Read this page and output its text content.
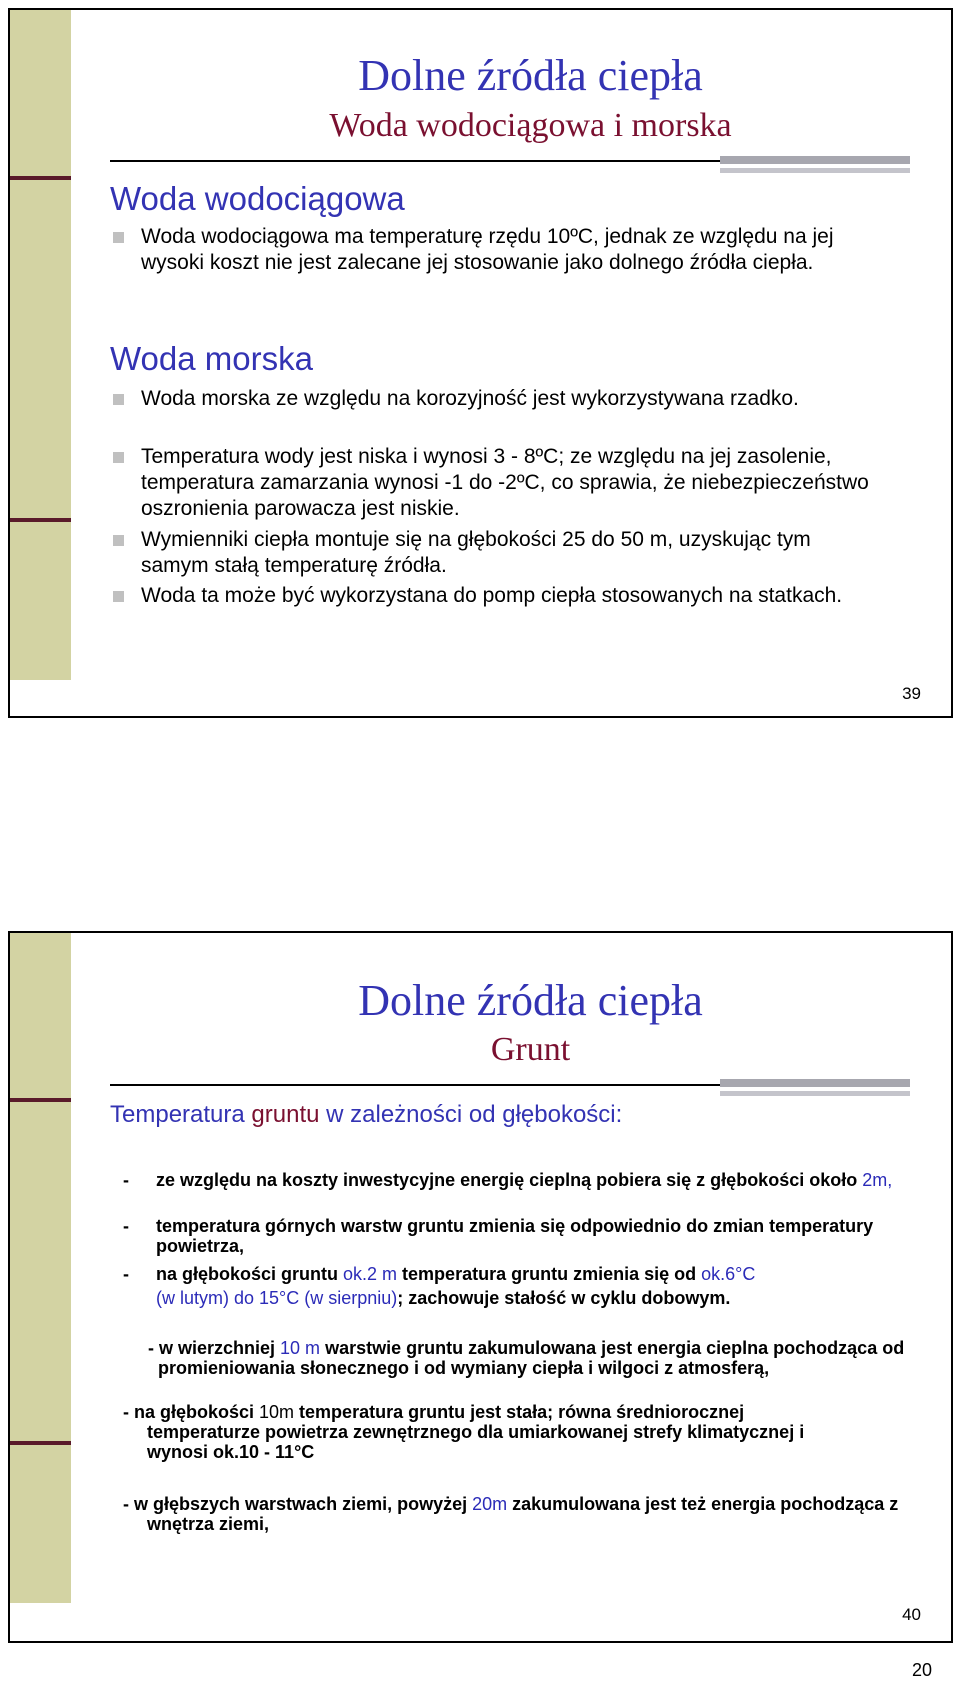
Dolne źródła ciepła
Woda wodociągowa i morska
Woda wodociągowa
Woda wodociągowa ma temperaturę rzędu 10ºC, jednak ze względu na jej wysoki koszt nie jest zalecane jej stosowanie jako dolnego źródła ciepła.
Woda morska
Woda morska ze względu na korozyjność jest wykorzystywana rzadko.
Temperatura wody jest niska i wynosi 3 - 8ºC; ze względu na jej zasolenie, temperatura zamarzania wynosi -1 do -2ºC, co sprawia, że niebezpieczeństwo oszronienia parowacza jest niskie.
Wymienniki ciepła montuje się na głębokości 25 do 50 m, uzyskując tym samym stałą temperaturę źródła.
Woda ta może być wykorzystana do pomp ciepła stosowanych na statkach.
39
Dolne źródła ciepła
Grunt
Temperatura gruntu w zależności od głębokości:
-	ze względu na koszty inwestycyjne energię cieplną pobiera się z głębokości około 2m,
-	temperatura górnych warstw gruntu zmienia się odpowiednio do zmian temperatury powietrza,
-	na głębokości gruntu ok.2 m temperatura gruntu zmienia się od ok.6°C
(w lutym) do 15°C (w sierpniu); zachowuje stałość w cyklu dobowym.
- w wierzchniej 10 m warstwie gruntu zakumulowana jest energia cieplna pochodząca od promieniowania słonecznego i od wymiany ciepła i wilgoci z atmosferą,
- na głębokości 10m temperatura gruntu jest stała; równa średniorocznej temperaturze powietrza zewnętrznego dla umiarkowanej strefy klimatycznej i wynosi ok.10 - 11°C
- w głębszych warstwach ziemi, powyżej 20m zakumulowana jest też energia pochodząca z wnętrza ziemi,
40
20
